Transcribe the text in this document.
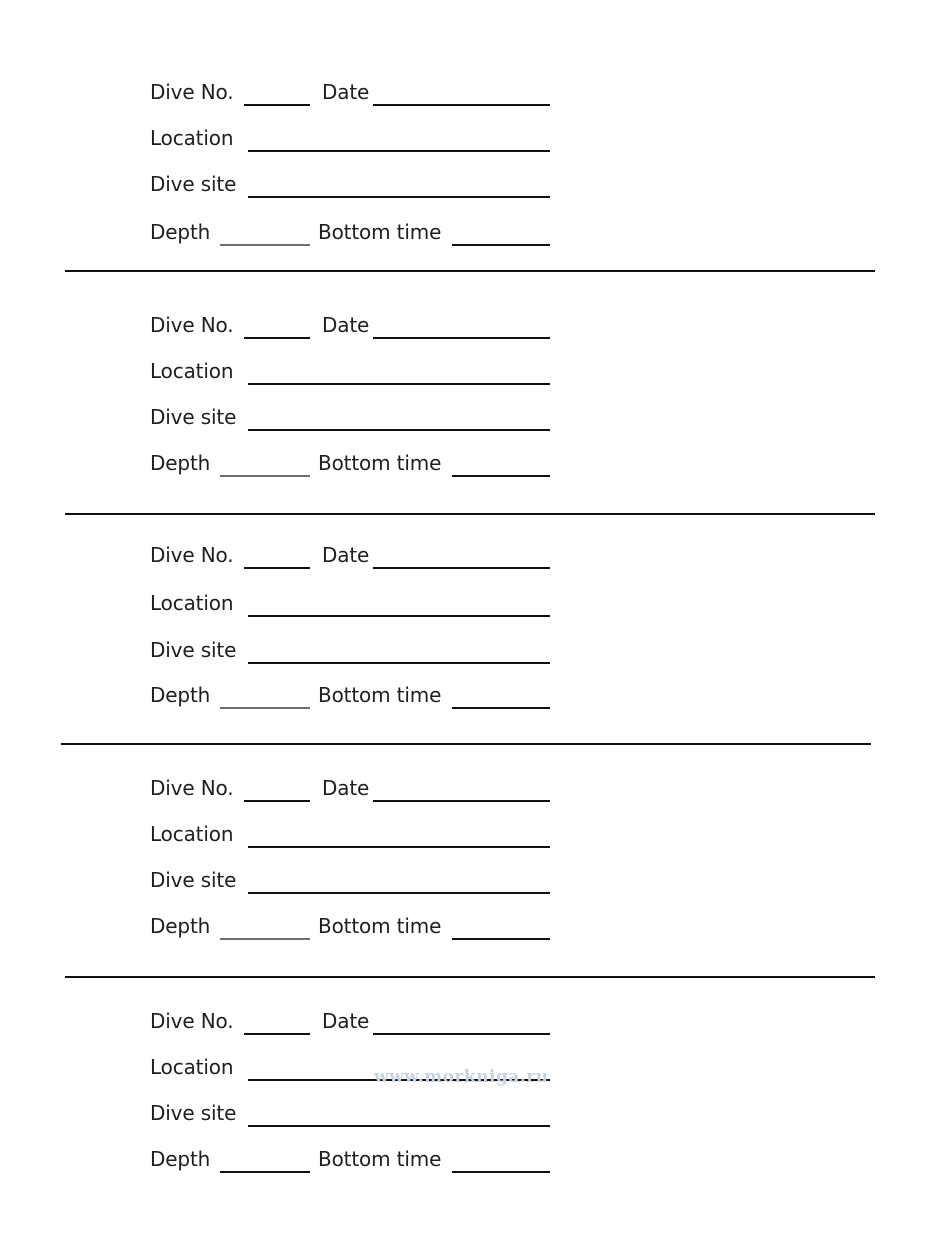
Dive No.	Date
Location
Dive site
Depth	Bottom time
Dive No.	Date
Location
Dive site
Depth	Bottom time
Dive No.	Date
Location
Dive site
Depth	Bottom time
Dive No.	Date
Location
Dive site
Depth	Bottom time
Dive No.	Date
Location
Dive site
Depth	Bottom time
www.morkniga.ru
